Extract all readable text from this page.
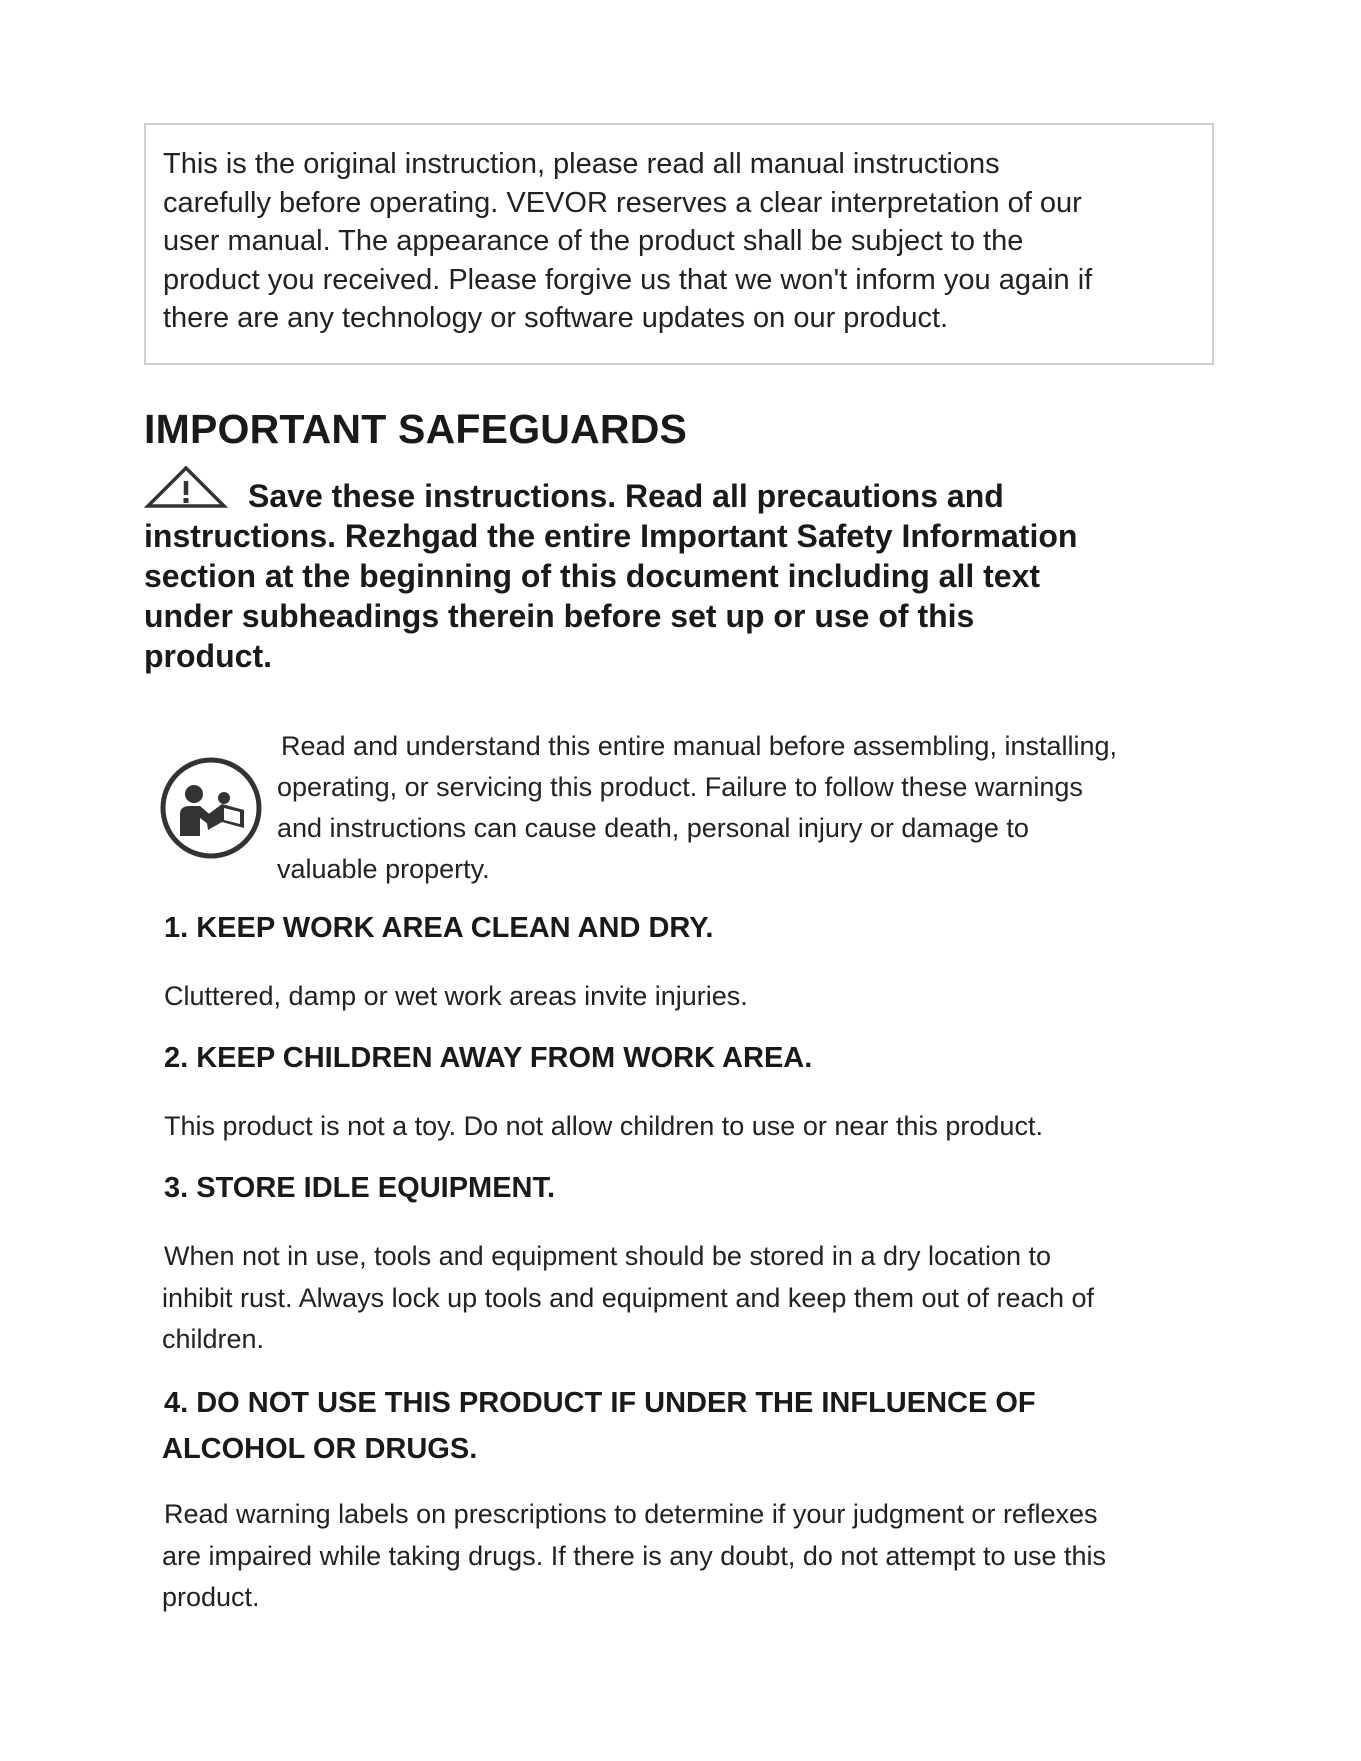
This is the original instruction, please read all manual instructions
carefully before operating. VEVOR reserves a clear interpretation of our
user manual. The appearance of the product shall be subject to the
product you received. Please forgive us that we won't inform you again if
there are any technology or software updates on our product.
IMPORTANT SAFEGUARDS
Save these instructions. Read all precautions and
instructions. Rezhgad the entire Important Safety Information
section at the beginning of this document including all text
under subheadings therein before set up or use of this
product.
Read and understand this entire manual before assembling, installing,
operating, or servicing this product. Failure to follow these warnings
and instructions can cause death, personal injury or damage to
valuable property.
1. KEEP WORK AREA CLEAN AND DRY.

Cluttered, damp or wet work areas invite injuries.

2. KEEP CHILDREN AWAY FROM WORK AREA.

This product is not a toy. Do not allow children to use or near this product.

3. STORE IDLE EQUIPMENT.

When not in use, tools and equipment should be stored in a dry location to
inhibit rust. Always lock up tools and equipment and keep them out of reach of
children.

4. DO NOT USE THIS PRODUCT IF UNDER THE INFLUENCE OF
ALCOHOL OR DRUGS.

Read warning labels on prescriptions to determine if your judgment or reflexes
are impaired while taking drugs. If there is any doubt, do not attempt to use this
product.
